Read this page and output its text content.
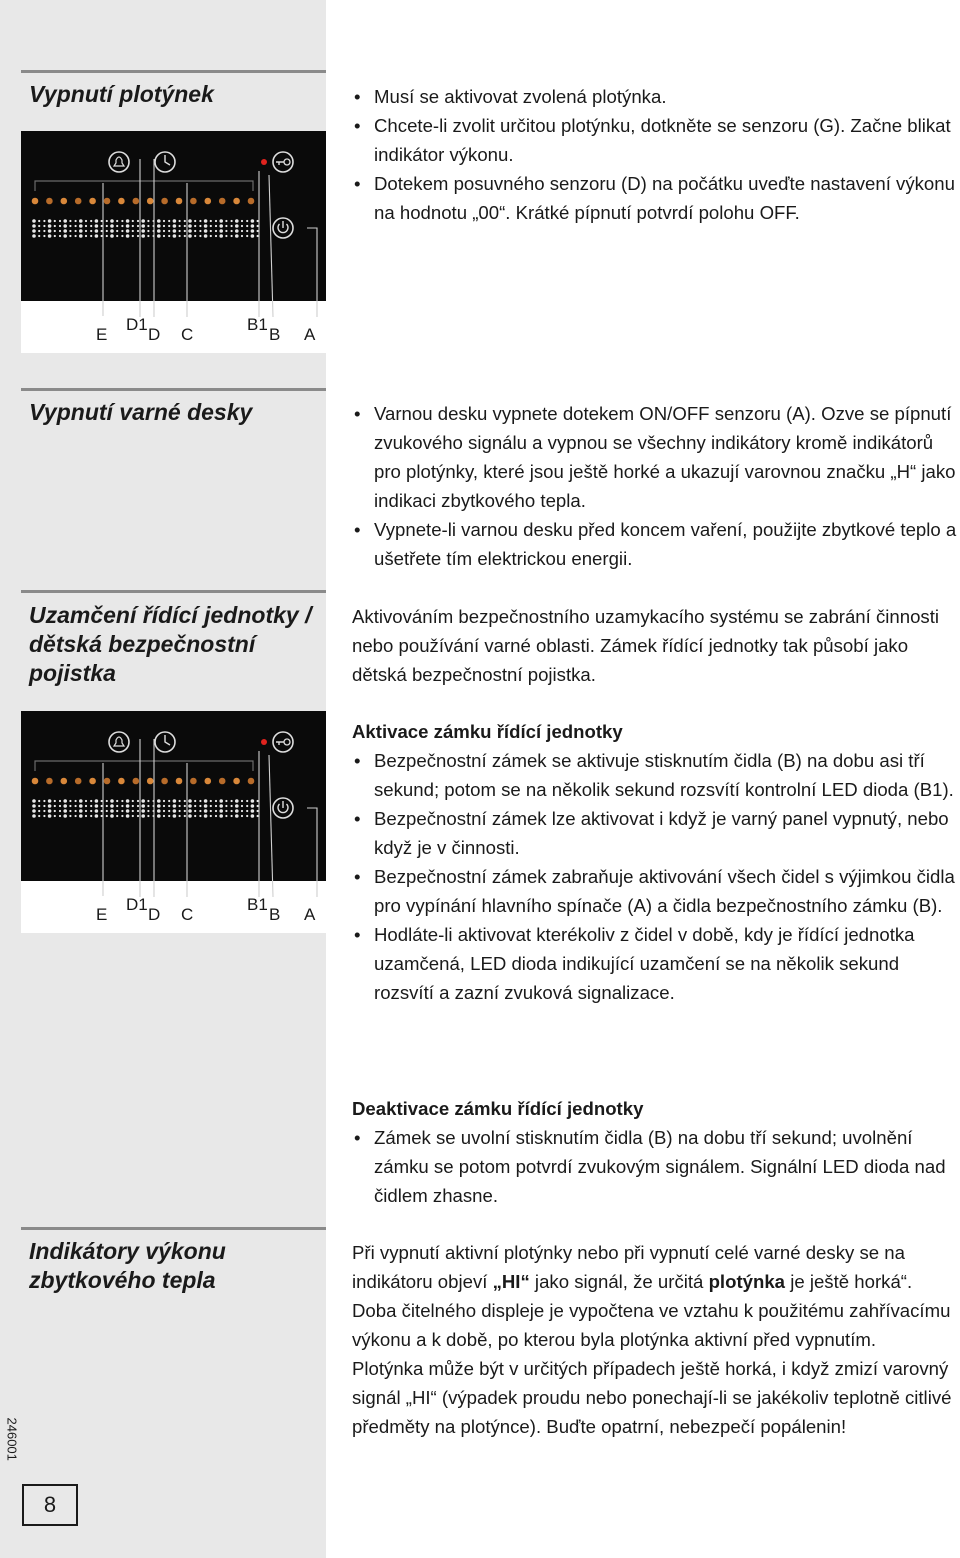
Vypnutí plotýnek
E
D1
D C
B1
B A
• Musí se aktivovat zvolená plotýnka.
• Chcete-li zvolit určitou plotýnku, dotkněte se senzoru (G). Začne blikat indikátor výkonu.
• Dotekem posuvného senzoru (D) na počátku uveďte nastavení výkonu na hodnotu „00“. Krátké pípnutí potvrdí polohu OFF.
Vypnutí varné desky
•	Varnou desku vypnete dotekem ON/OFF senzoru (A). Ozve se pípnutí zvukového signálu a vypnou se všechny indikátory kromě indikátorů pro plotýnky, které jsou ještě horké a ukazují varovnou značku „H“ jako indikaci zbytkového tepla.
• Vypnete-li varnou desku před koncem vaření, použijte zbytkové teplo a ušetřete tím elektrickou energii.
Uzamčení řídící jednotky / dětská bezpečnostní pojistka

Aktivováním bezpečnostního uzamykacího systému se zabrání činnosti nebo používání varné oblasti. Zámek řídící jednotky tak působí jako dětská bezpečnostní pojistka.

E
D1
D C
B1
B A

Aktivace zámku řídící jednotky

• Bezpečnostní zámek se aktivuje stisknutím čidla (B) na dobu asi tří sekund; potom se na několik sekund rozsvítí kontrolní LED dioda (B1).
• Bezpečnostní zámek lze aktivovat i když je varný panel vypnutý, nebo když je v činnosti.
• Bezpečnostní zámek zabraňuje aktivování všech čidel s výjimkou čidla pro vypínání hlavního spínače (A) a čidla bezpečnostního zámku (B).
• Hodláte-li aktivovat kterékoliv z čidel v době, kdy je řídící jednotka uzamčená, LED dioda indikující uzamčení se na několik sekund rozsvítí a zazní zvuková signalizace.

Deaktivace zámku řídící jednotky

• Zámek se uvolní stisknutím čidla (B) na dobu tří sekund; uvolnění zámku se potom potvrdí zvukovým signálem. Signální LED dioda nad čidlem zhasne.
Indikátory výkonu zbytkového tepla

Při vypnutí aktivní plotýnky nebo při vypnutí celé varné desky se na indikátoru objeví „HI“ jako signál, že určitá plotýnka je ještě horká“. Doba čitelného displeje je vypočtena ve vztahu k použitému zahřívacímu výkonu a k době, po kterou byla plotýnka aktivní před vypnutím.

Plotýnka může být v určitých případech ještě horká, i když zmizí varovný signál „HI“ (výpadek proudu nebo ponechají-li se jakékoliv teplotně citlivé předměty na plotýnce). Buďte opatrní, nebezpečí popálenin!

246001
8
